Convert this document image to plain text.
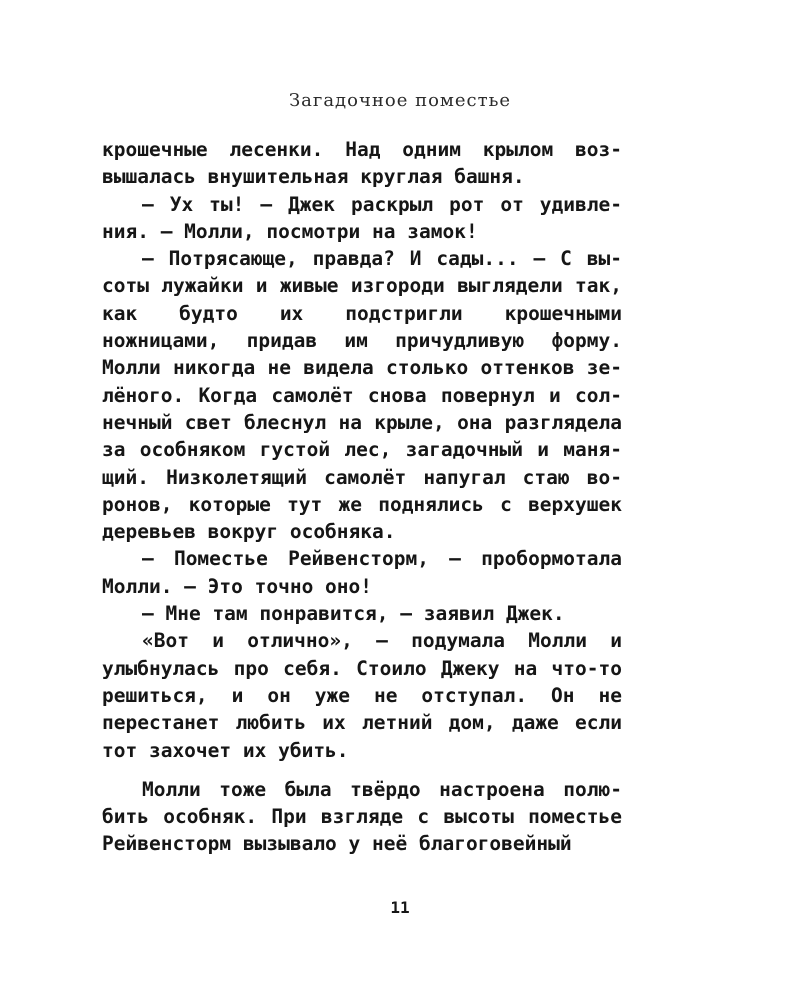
Загадочное поместье

крошечные лесенки. Над одним крылом возвышалась внушительная круглая башня.

— Ух ты! — Джек раскрыл рот от удивления. — Молли, посмотри на замок!

— Потрясающе, правда? И сады... — С высоты лужайки и живые изгороди выглядели так, как будто их подстригли крошечными ножницами, придав им причудливую форму. Молли никогда не видела столько оттенков зелёного. Когда самолёт снова повернул и солнечный свет блеснул на крыле, она разглядела за особняком густой лес, загадочный и манящий. Низколетящий самолёт напугал стаю воронов, которые тут же поднялись с верхушек деревьев вокруг особняка.

— Поместье Рейвенсторм, — пробормотала Молли. — Это точно оно!

— Мне там понравится, — заявил Джек.

«Вот и отлично», — подумала Молли и улыбнулась про себя. Стоило Джеку на что-то решиться, и он уже не отступал. Он не перестанет любить их летний дом, даже если тот захочет их убить.

Молли тоже была твёрдо настроена полюбить особняк. При взгляде с высоты поместье Рейвенсторм вызывало у неё благоговейный

11
